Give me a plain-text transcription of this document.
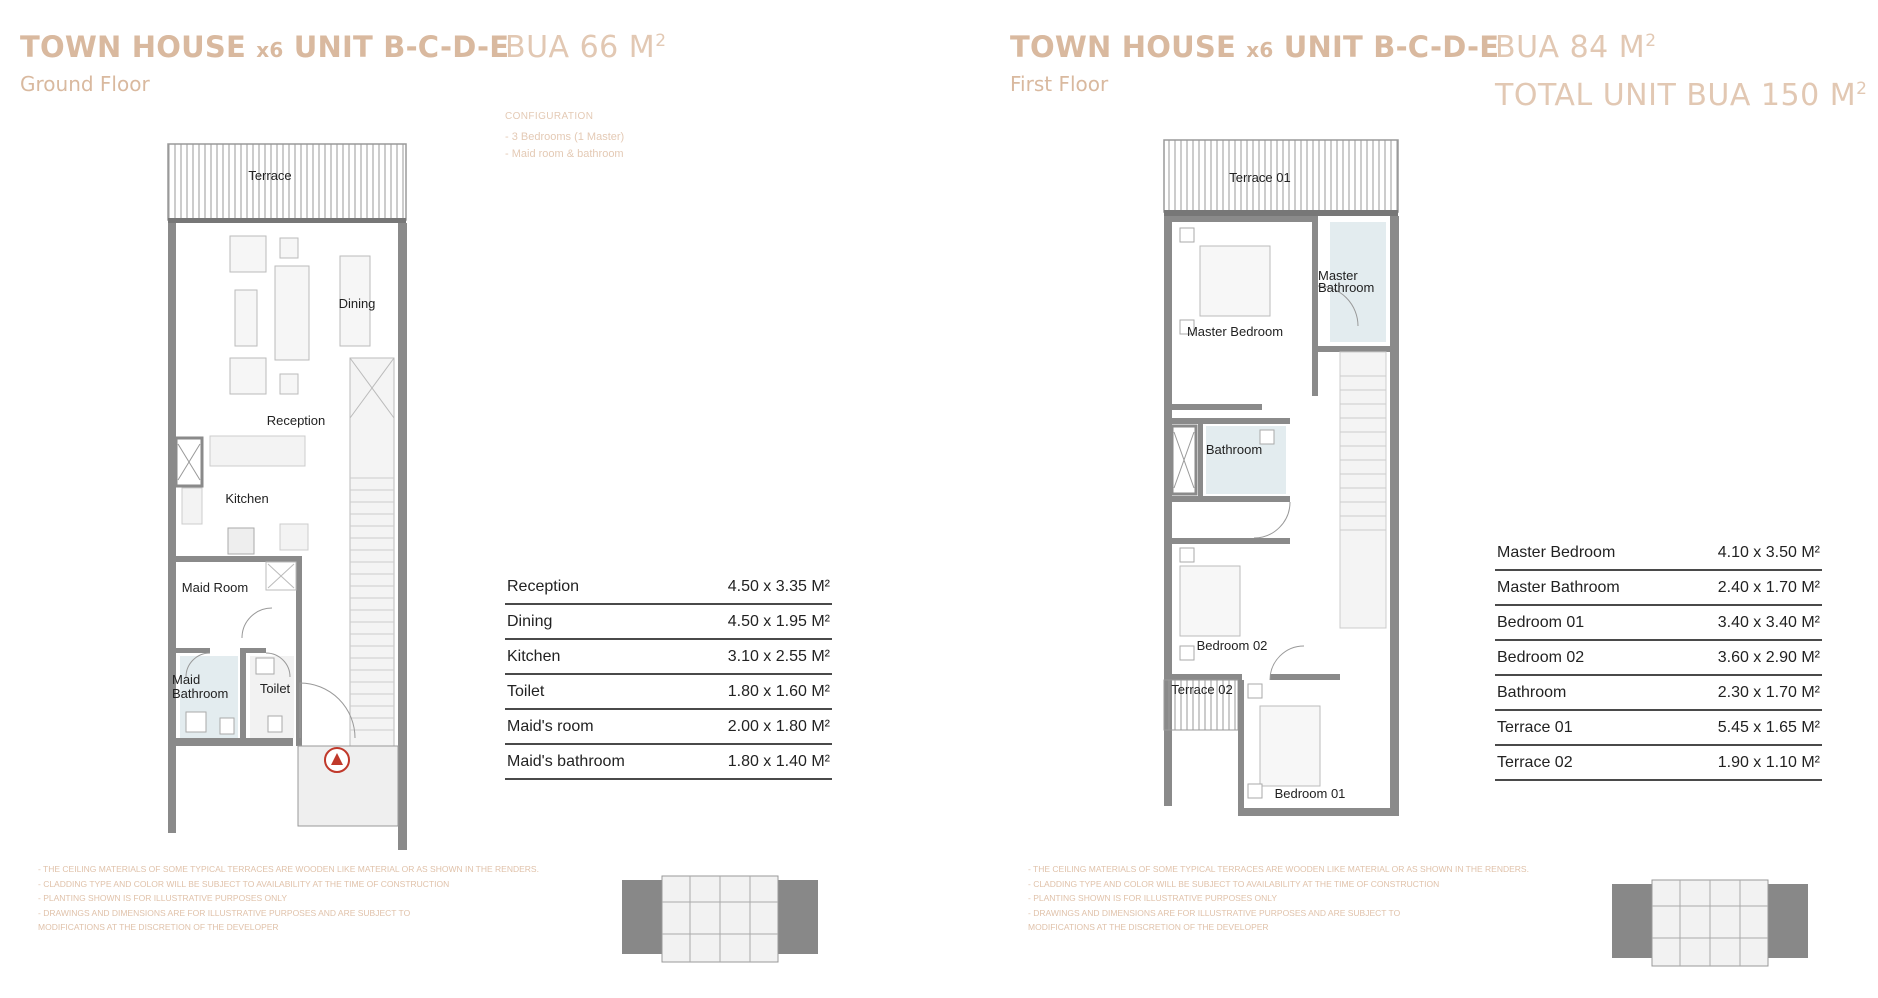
TOWN HOUSE x6 UNIT B-C-D-E
Ground Floor
BUA 66 $M^2$
CONFIGURATION
- 3 Bedrooms (1 Master)
- Maid room & bathroom
Terrace
Dining
Reception
Kitchen
Maid Room
Maid
Bathroom Toilet
Reception	4.50 x 3.35 M²
Dining	4.50 x 1.95 M²
Kitchen	3.10 x 2.55 M²
Toilet	1.80 x 1.60 M²
Maid's room	2.00 x 1.80 M²
Maid's bathroom	1.80 x 1.40 M²
- THE CEILING MATERIALS OF SOME TYPICAL TERRACES ARE WOODEN LIKE MATERIAL OR AS SHOWN IN THE RENDERS.
- CLADDING TYPE AND COLOR WILL BE SUBJECT TO AVAILABILITY AT THE TIME OF CONSTRUCTION
- PLANTING SHOWN IS FOR ILLUSTRATIVE PURPOSES ONLY
- DRAWINGS AND DIMENSIONS ARE FOR ILLUSTRATIVE PURPOSES AND ARE SUBJECT TO
MODIFICATIONS AT THE DISCRETION OF THE DEVELOPER
TOWN HOUSE x6 UNIT B-C-D-E
First Floor
BUA 84 $M^2$
TOTAL UNIT BUA 150 $M^2$
Terrace 01
Master Bedroom
Master
Bathroom
Bathroom
Bedroom 02
Terrace 02
Bedroom 01
Master Bedroom	4.10 x 3.50 M²
Master Bathroom	2.40 x 1.70 M²
Bedroom 01	3.40 x 3.40 M²
Bedroom 02	3.60 x 2.90 M²
Bathroom	2.30 x 1.70 M²
Terrace 01	5.45 x 1.65 M²
Terrace 02	1.90 x 1.10 M²
- THE CEILING MATERIALS OF SOME TYPICAL TERRACES ARE WOODEN LIKE MATERIAL OR AS SHOWN IN THE RENDERS.
- CLADDING TYPE AND COLOR WILL BE SUBJECT TO AVAILABILITY AT THE TIME OF CONSTRUCTION
- PLANTING SHOWN IS FOR ILLUSTRATIVE PURPOSES ONLY
- DRAWINGS AND DIMENSIONS ARE FOR ILLUSTRATIVE PURPOSES AND ARE SUBJECT TO
MODIFICATIONS AT THE DISCRETION OF THE DEVELOPER
